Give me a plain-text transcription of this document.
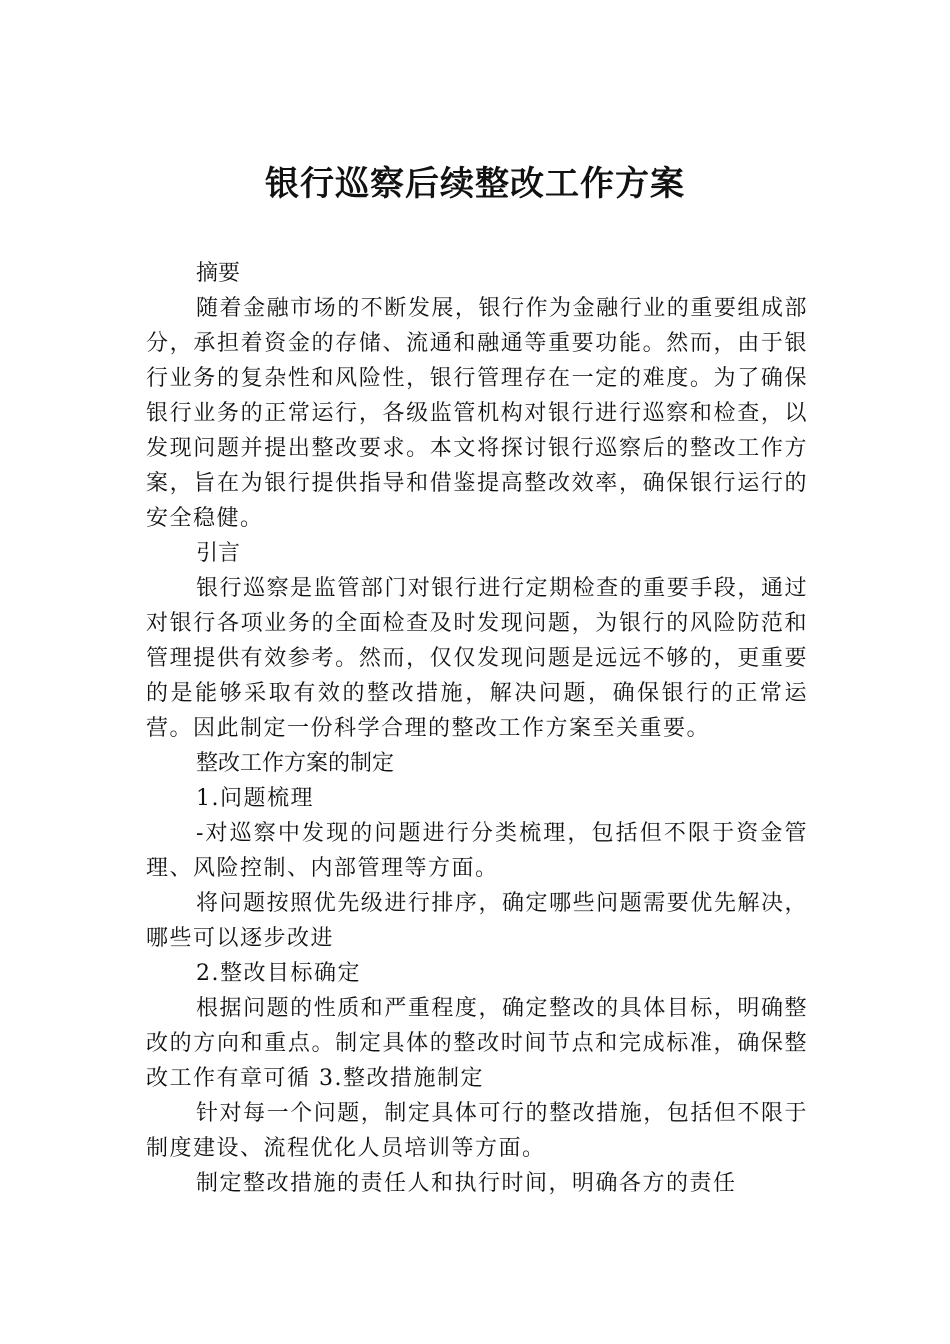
银行巡察后续整改工作方案

摘要

随着金融市场的不断发展，银行作为金融行业的重要组成部分，承担着资金的存储、流通和融通等重要功能。然而，由于银行业务的复杂性和风险性，银行管理存在一定的难度。为了确保银行业务的正常运行，各级监管机构对银行进行巡察和检查，以发现问题并提出整改要求。本文将探讨银行巡察后的整改工作方案，旨在为银行提供指导和借鉴提高整改效率，确保银行运行的安全稳健。

引言

银行巡察是监管部门对银行进行定期检查的重要手段，通过对银行各项业务的全面检查及时发现问题，为银行的风险防范和管理提供有效参考。然而，仅仅发现问题是远远不够的，更重要的是能够采取有效的整改措施，解决问题，确保银行的正常运营。因此制定一份科学合理的整改工作方案至关重要。

整改工作方案的制定

1.问题梳理

-对巡察中发现的问题进行分类梳理，包括但不限于资金管理、风险控制、内部管理等方面。

将问题按照优先级进行排序，确定哪些问题需要优先解决，哪些可以逐步改进

2.整改目标确定

根据问题的性质和严重程度，确定整改的具体目标，明确整改的方向和重点。制定具体的整改时间节点和完成标准，确保整改工作有章可循 3.整改措施制定

针对每一个问题，制定具体可行的整改措施，包括但不限于制度建设、流程优化人员培训等方面。

制定整改措施的责任人和执行时间，明确各方的责任
